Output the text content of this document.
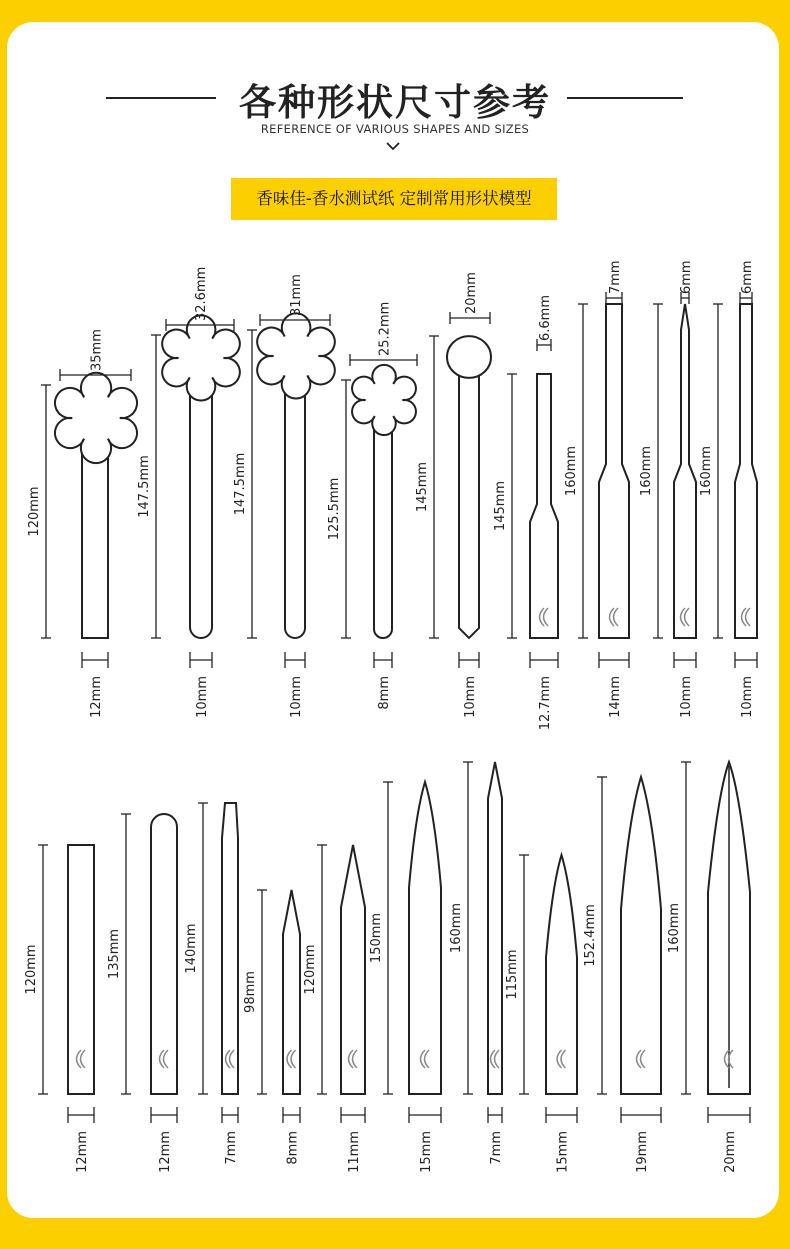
各种形状尺寸参考
REFERENCE OF VARIOUS SHAPES AND SIZES
香味佳-香水测试纸 定制常用形状模型
120mm
12mm
35mm
147.5mm
10mm
32.6mm
147.5mm
10mm
31mm
125.5mm
8mm
25.2mm
145mm
10mm
20mm
145mm
12.7mm
6.6mm
160mm
14mm
7mm
160mm
10mm
6mm
160mm
10mm
6mm
120mm
12mm
135mm
12mm
140mm
7mm
98mm
8mm
120mm
11mm
150mm
15mm
160mm
7mm
115mm
15mm
152.4mm
19mm
160mm
20mm
